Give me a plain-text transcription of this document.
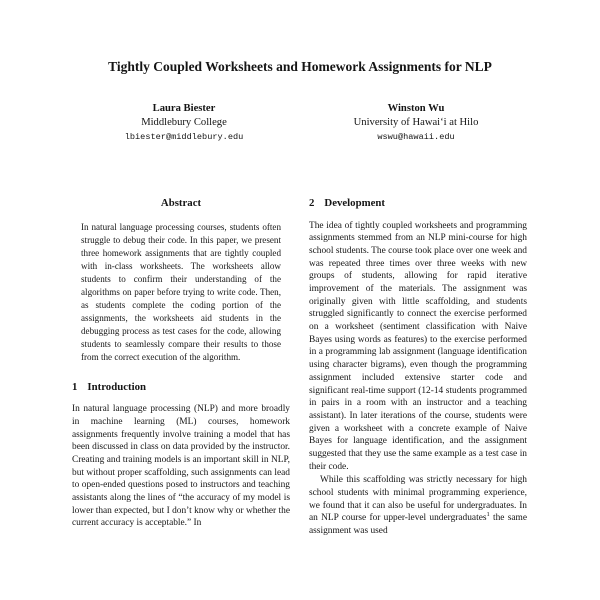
Tightly Coupled Worksheets and Homework Assignments for NLP
Laura Biester
Middlebury College
lbiester@middlebury.edu
Winston Wu
University of Hawaiʻi at Hilo
wswu@hawaii.edu
Abstract

In natural language processing courses, students often struggle to debug their code. In this paper, we present three homework assignments that are tightly coupled with in-class worksheets. The worksheets allow students to confirm their understanding of the algorithms on paper before trying to write code. Then, as students complete the coding portion of the assignments, the worksheets aid students in the debugging process as test cases for the code, allowing students to seamlessly compare their results to those from the correct execution of the algorithm.

1 Introduction

In natural language processing (NLP) and more broadly in machine learning (ML) courses, homework assignments frequently involve training a model that has been discussed in class on data provided by the instructor. Creating and training models is an important skill in NLP, but without proper scaffolding, such assignments can lead to open-ended questions posed to instructors and teaching assistants along the lines of “the accuracy of my model is lower than expected, but I don’t know why or whether the current accuracy is acceptable.” In

2 Development

The idea of tightly coupled worksheets and programming assignments stemmed from an NLP mini-course for high school students. The course took place over one week and was repeated three times over three weeks with new groups of students, allowing for rapid iterative improvement of the materials. The assignment was originally given with little scaffolding, and students struggled significantly to connect the exercise performed on a worksheet (sentiment classification with Naive Bayes using words as features) to the exercise performed in a programming lab assignment (language identification using character bigrams), even though the programming assignment included extensive starter code and significant real-time support (12-14 students programmed in pairs in a room with an instructor and a teaching assistant). In later iterations of the course, students were given a worksheet with a concrete example of Naive Bayes for language identification, and the assignment suggested that they use the same example as a test case in their code.

While this scaffolding was strictly necessary for high school students with minimal programming experience, we found that it can also be useful for undergraduates. In an NLP course for upper-level undergraduates$^1$ the same assignment was used
